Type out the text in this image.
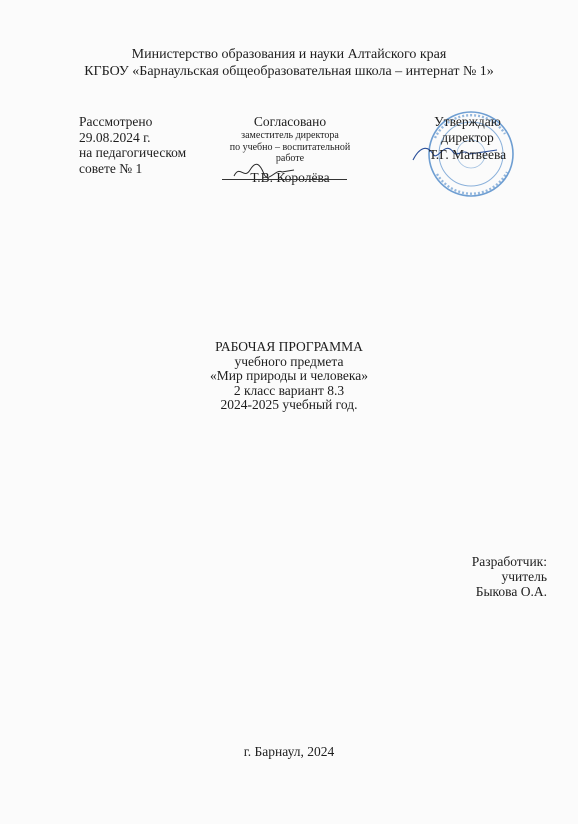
Министерство образования и науки Алтайского края
КГБОУ «Барнаульская общеобразовательная школа – интернат № 1»
Рассмотрено
29.08.2024 г.
на педагогическом
совете № 1
Согласовано
заместитель директора
по учебно – воспитательной
работе
Т.В. Королёва
Утверждаю
директор
Т.Г. Матвеева
РАБОЧАЯ ПРОГРАММА
учебного предмета
«Мир природы и человека»
2 класс вариант 8.3
2024-2025 учебный год.
Разработчик:
учитель
Быкова О.А.
г. Барнаул, 2024
